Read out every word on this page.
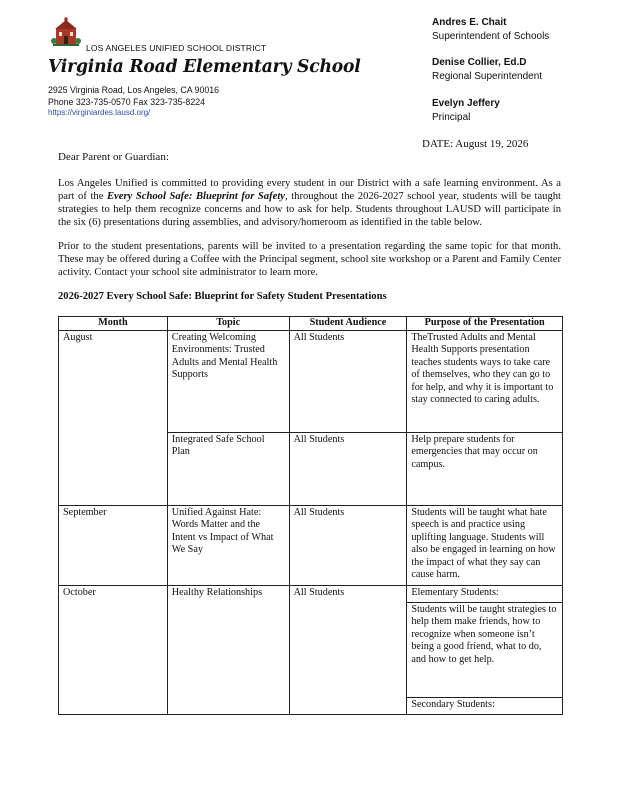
LOS ANGELES UNIFIED SCHOOL DISTRICT
Virginia Road Elementary School
2925 Virginia Road, Los Angeles, CA 90016
Phone 323-735-0570 Fax 323-735-8224
https://virginiardes.lausd.org/
Andres E. Chait
Superintendent of Schools
Denise Collier, Ed.D
Regional Superintendent
Evelyn Jeffery
Principal
DATE: August 19, 2026
Dear Parent or Guardian:
Los Angeles Unified is committed to providing every student in our District with a safe learning environment. As a part of the Every School Safe: Blueprint for Safety, throughout the 2026-2027 school year, students will be taught strategies to help them recognize concerns and how to ask for help. Students throughout LAUSD will participate in the six (6) presentations during assemblies, and advisory/homeroom as identified in the table below.
Prior to the student presentations, parents will be invited to a presentation regarding the same topic for that month. These may be offered during a Coffee with the Principal segment, school site workshop or a Parent and Family Center activity. Contact your school site administrator to learn more.
2026-2027 Every School Safe: Blueprint for Safety Student Presentations
Month	Topic	Student Audience	Purpose of the Presentation
August	Creating Welcoming Environments: Trusted Adults and Mental Health Supports	All Students	TheTrusted Adults and Mental Health Supports presentation teaches students ways to take care of themselves, who they can go to for help, and why it is important to stay connected to caring adults.
	Integrated Safe School Plan	All Students	Help prepare students for emergencies that may occur on campus.
September	Unified Against Hate: Words Matter and the Intent vs Impact of What We Say	All Students	Students will be taught what hate speech is and practice using uplifting language. Students will also be engaged in learning on how the impact of what they say can cause harm.
October	Healthy Relationships	All Students	Elementary Students:
			Students will be taught strategies to help them make friends, how to recognize when someone isn’t being a good friend, what to do, and how to get help.
			Secondary Students:
